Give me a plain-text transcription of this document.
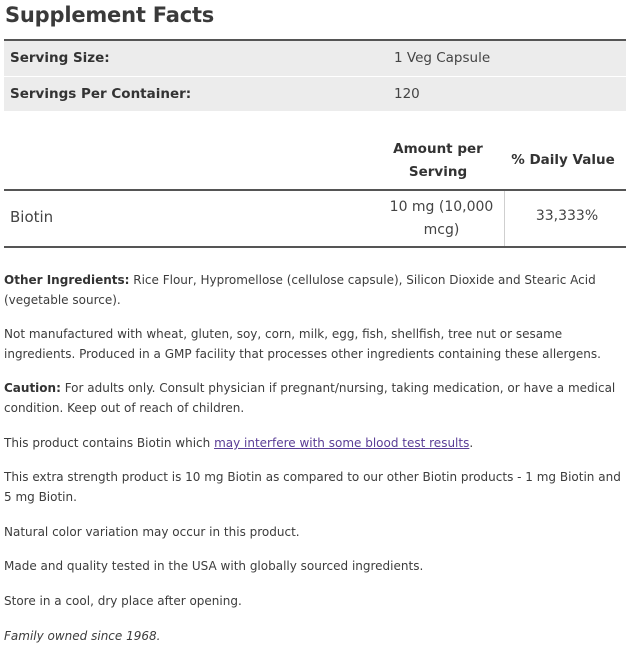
Supplement Facts
Serving Size:	1 Veg Capsule
Servings Per Container:	120
Amount per
Serving
% Daily Value
Biotin
10 mg (10,000
mcg)
33,333%
Other Ingredients: Rice Flour, Hypromellose (cellulose capsule), Silicon Dioxide and Stearic Acid (vegetable source).
Not manufactured with wheat, gluten, soy, corn, milk, egg, fish, shellfish, tree nut or sesame ingredients. Produced in a GMP facility that processes other ingredients containing these allergens.
Caution: For adults only. Consult physician if pregnant/nursing, taking medication, or have a medical condition. Keep out of reach of children.
This product contains Biotin which may interfere with some blood test results.
This extra strength product is 10 mg Biotin as compared to our other Biotin products - 1 mg Biotin and 5 mg Biotin.
Natural color variation may occur in this product.
Made and quality tested in the USA with globally sourced ingredients.
Store in a cool, dry place after opening.
Family owned since 1968.
